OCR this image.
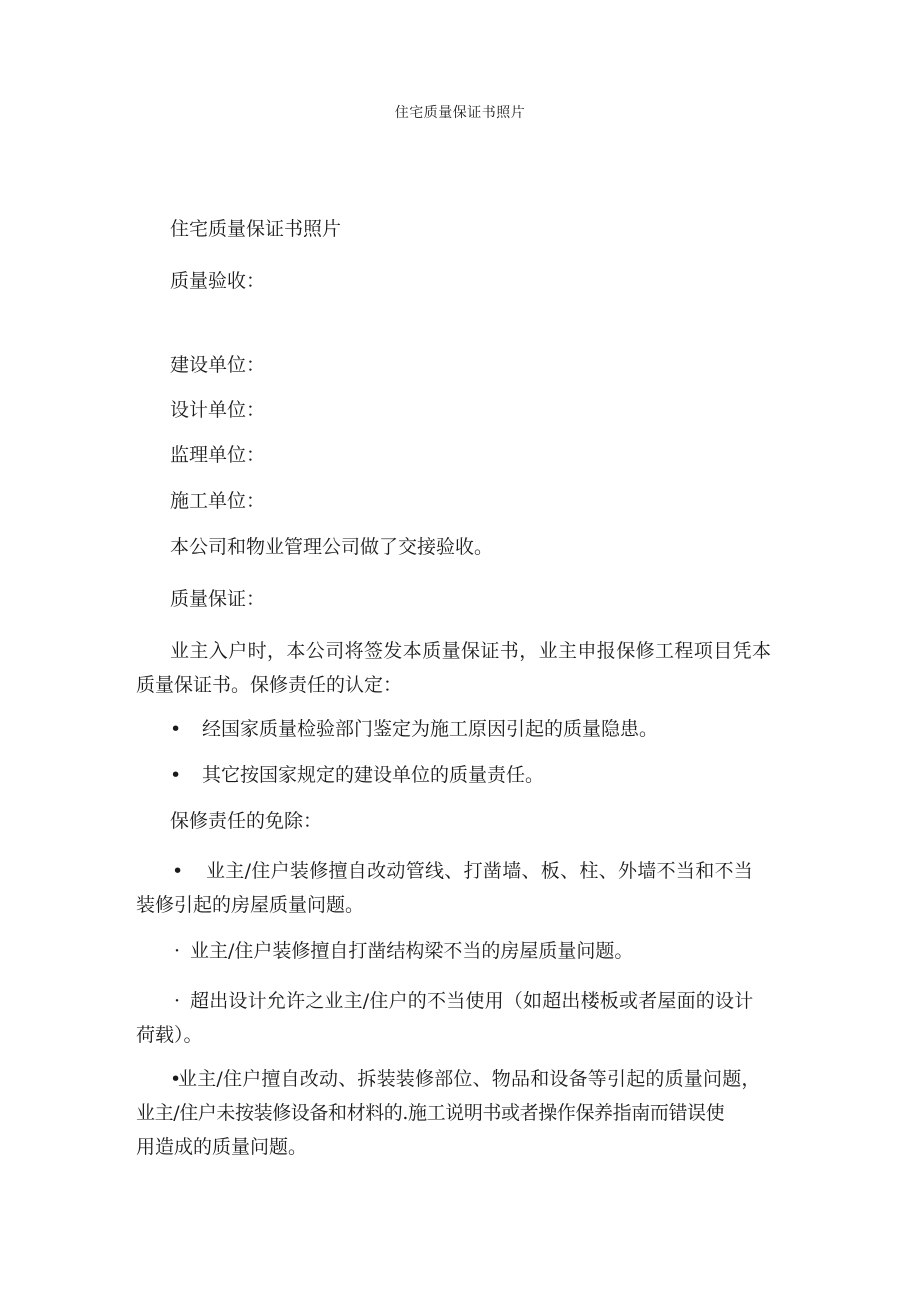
住宅质量保证书照片
住宅质量保证书照片
质量验收：
建设单位：
设计单位：
监理单位：
施工单位：
本公司和物业管理公司做了交接验收。
质量保证：
业主入户时，本公司将签发本质量保证书，业主申报保修工程项目凭本
质量保证书。保修责任的认定：
•	经国家质量检验部门鉴定为施工原因引起的质量隐患。
•	其它按国家规定的建设单位的质量责任。
保修责任的免除：
•	业主/住户装修擅自改动管线、打凿墙、板、柱、外墙不当和不当
装修引起的房屋质量问题。
· 业主/住户装修擅自打凿结构梁不当的房屋质量问题。
· 超出设计允许之业主/住户的不当使用（如超出楼板或者屋面的设计
荷载）。
•
业主/住户擅自改动、拆装装修部位、物品和设备等引起的质量问题，
业主/住户未按装修设备和材料的.施工说明书或者操作保养指南而错误使
用造成的质量问题。
